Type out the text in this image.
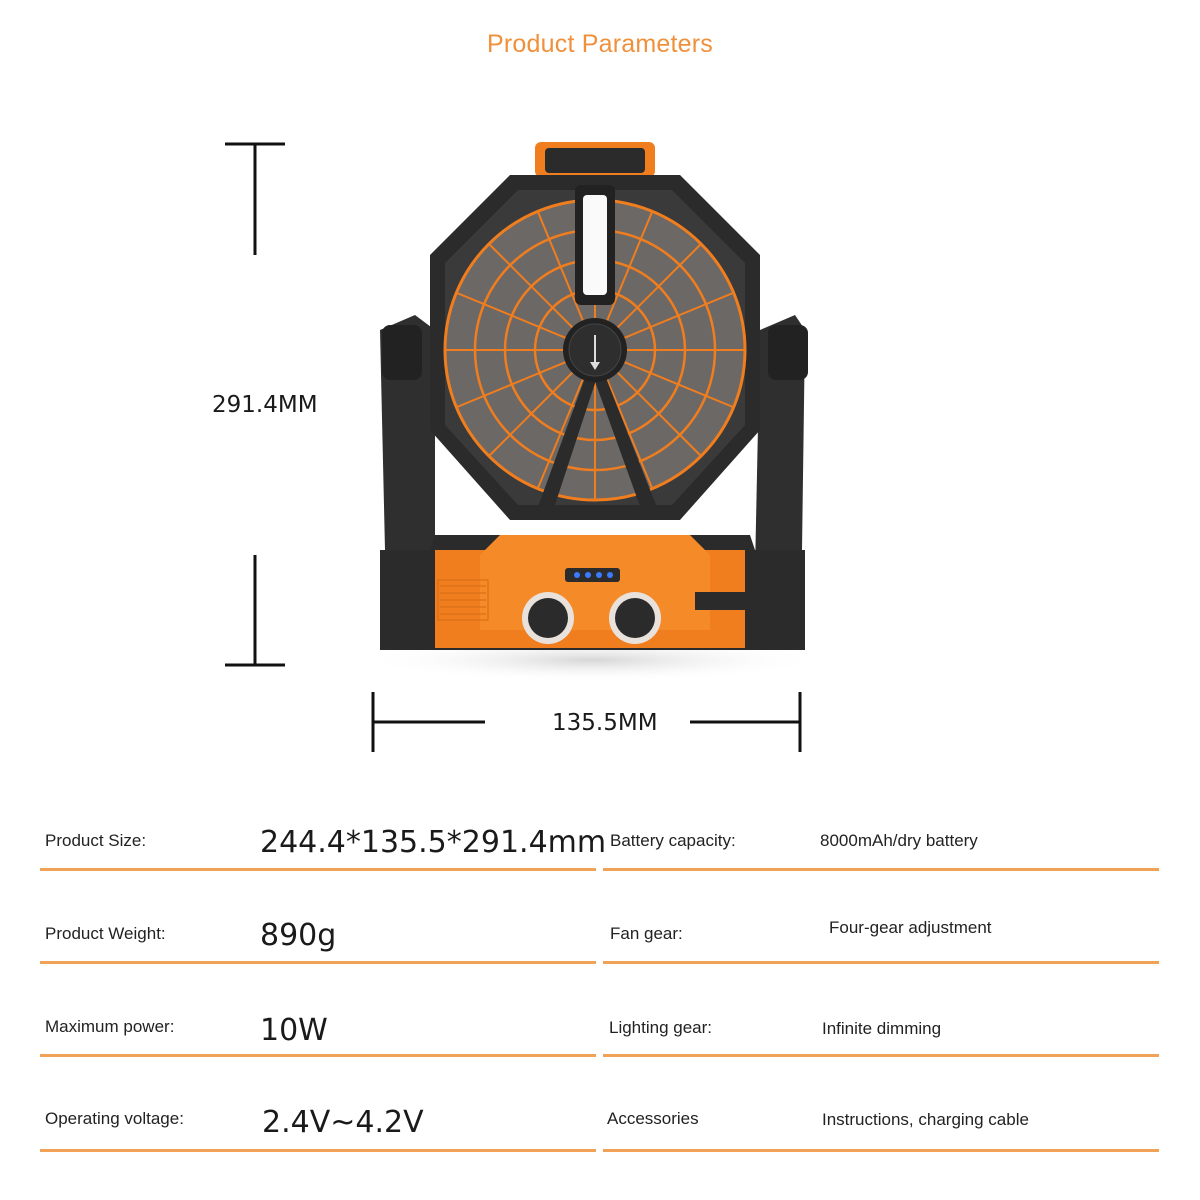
Product Parameters
291.4MM
135.5MM
Product Size:	244.4*135.5*291.4mm
Product Weight:	890g
Maximum power:	10W
Operating voltage:	2.4V~4.2V
Battery capacity:	8000mAh/dry battery
Fan gear:	Four-gear adjustment
Lighting gear:	Infinite dimming
Accessories	Instructions, charging cable
